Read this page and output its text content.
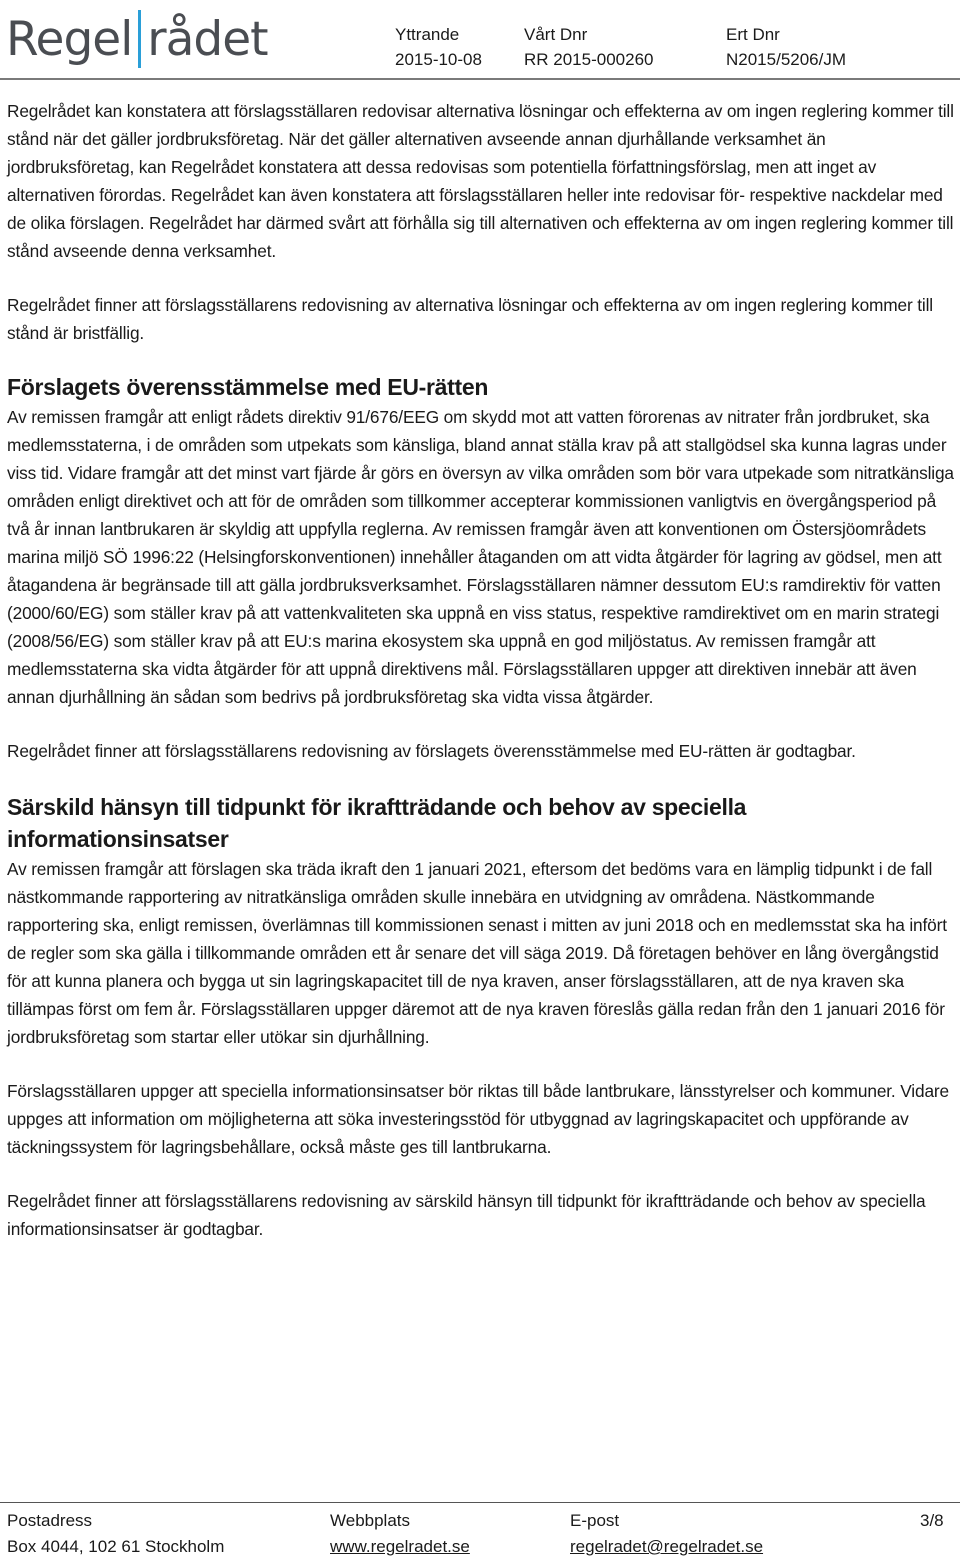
Regel rådet	Yttrande
2015-10-08
Vårt Dnr
RR 2015-000260
Ert Dnr
N2015/5206/JM

Regelrådet kan konstatera att förslagsställaren redovisar alternativa lösningar och effekterna av om ingen reglering kommer till stånd när det gäller jordbruksföretag. När det gäller alternativen avseende annan djurhållande verksamhet än jordbruksföretag, kan Regelrådet konstatera att dessa redovisas som potentiella författningsförslag, men att inget av alternativen förordas. Regelrådet kan även konstatera att förslagsställaren heller inte redovisar för- respektive nackdelar med de olika förslagen. Regelrådet har därmed svårt att förhålla sig till alternativen och effekterna av om ingen reglering kommer till stånd avseende denna verksamhet.

Regelrådet finner att förslagsställarens redovisning av alternativa lösningar och effekterna av om ingen reglering kommer till stånd är bristfällig.

Förslagets överensstämmelse med EU-rätten

Av remissen framgår att enligt rådets direktiv 91/676/EEG om skydd mot att vatten förorenas av nitrater från jordbruket, ska medlemsstaterna, i de områden som utpekats som känsliga, bland annat ställa krav på att stallgödsel ska kunna lagras under viss tid. Vidare framgår att det minst vart fjärde år görs en översyn av vilka områden som bör vara utpekade som nitratkänsliga områden enligt direktivet och att för de områden som tillkommer accepterar kommissionen vanligtvis en övergångsperiod på två år innan lantbrukaren är skyldig att uppfylla reglerna. Av remissen framgår även att konventionen om Östersjöområdets marina miljö SÖ 1996:22 (Helsingforskonventionen) innehåller åtaganden om att vidta åtgärder för lagring av gödsel, men att åtagandena är begränsade till att gälla jordbruksverksamhet. Förslagsställaren nämner dessutom EU:s ramdirektiv för vatten (2000/60/EG) som ställer krav på att vattenkvaliteten ska uppnå en viss status, respektive ramdirektivet om en marin strategi (2008/56/EG) som ställer krav på att EU:s marina ekosystem ska uppnå en god miljöstatus. Av remissen framgår att medlemsstaterna ska vidta åtgärder för att uppnå direktivens mål. Förslagsställaren uppger att direktiven innebär att även annan djurhållning än sådan som bedrivs på jordbruksföretag ska vidta vissa åtgärder.

Regelrådet finner att förslagsställarens redovisning av förslagets överensstämmelse med EU-rätten är godtagbar.

Särskild hänsyn till tidpunkt för ikraftträdande och behov av speciella informationsinsatser

Av remissen framgår att förslagen ska träda ikraft den 1 januari 2021, eftersom det bedöms vara en lämplig tidpunkt i de fall nästkommande rapportering av nitratkänsliga områden skulle innebära en utvidgning av områdena. Nästkommande rapportering ska, enligt remissen, överlämnas till kommissionen senast i mitten av juni 2018 och en medlemsstat ska ha infört de regler som ska gälla i tillkommande områden ett år senare det vill säga 2019. Då företagen behöver en lång övergångstid för att kunna planera och bygga ut sin lagringskapacitet till de nya kraven, anser förslagsställaren, att de nya kraven ska tillämpas först om fem år. Förslagsställaren uppger däremot att de nya kraven föreslås gälla redan från den 1 januari 2016 för jordbruksföretag som startar eller utökar sin djurhållning.

Förslagsställaren uppger att speciella informationsinsatser bör riktas till både lantbrukare, länsstyrelser och kommuner. Vidare uppges att information om möjligheterna att söka investeringsstöd för utbyggnad av lagringskapacitet och uppförande av täckningssystem för lagringsbehållare, också måste ges till lantbrukarna.

Regelrådet finner att förslagsställarens redovisning av särskild hänsyn till tidpunkt för ikraftträdande och behov av speciella informationsinsatser är godtagbar.

Postadress
Box 4044, 102 61 Stockholm
Webbplats
www.regelradet.se
E-post
regelradet@regelradet.se
3/8
